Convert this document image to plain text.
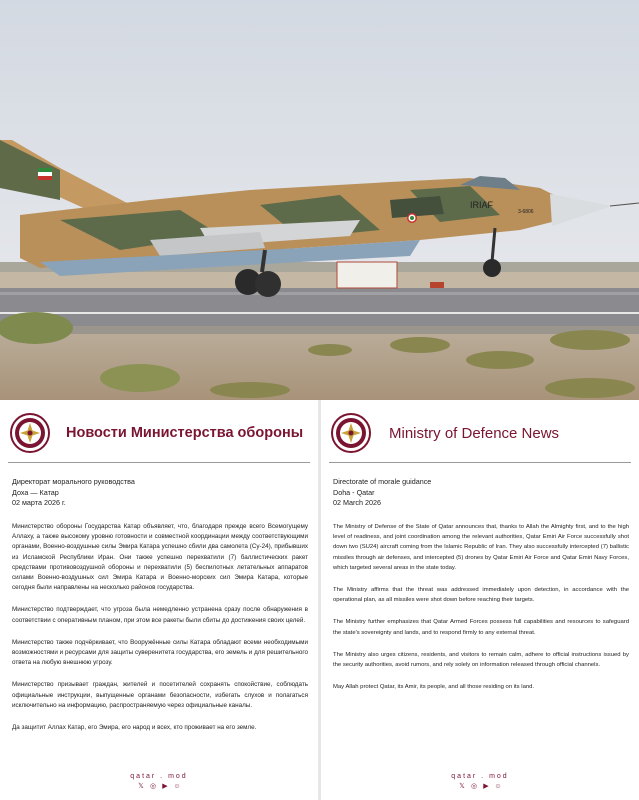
IRIAF
3-6806
Новости Министерства обороны
Директорат морального руководства
Доха — Катар
02 марта 2026 г.

Министерство обороны Государства Катар объявляет, что, благодаря прежде всего Всемогущему Аллаху, а также высокому уровню готовности и совместной координации между соответствующими органами, Военно-воздушные силы Эмира Катара успешно сбили два самолета (Су-24), прибывших из Исламской Республики Иран. Они также успешно перехватили (7) баллистических ракет средствами противовоздушной обороны и перехватили (5) беспилотных летательных аппаратов силами Военно-воздушных сил Эмира Катара и Военно-морских сил Эмира Катара, которые сегодня были направлены на несколько районов государства.

Министерство подтверждает, что угроза была немедленно устранена сразу после обнаружения в соответствии с оперативным планом, при этом все ракеты были сбиты до достижения своих целей.

Министерство также подчёркивает, что Вооружённые силы Катара обладают всеми необходимыми возможностями и ресурсами для защиты суверенитета государства, его земель и для решительного ответа на любую внешнюю угрозу.

Министерство призывает граждан, жителей и посетителей сохранять спокойствие, соблюдать официальные инструкции, выпущенные органами безопасности, избегать слухов и полагаться исключительно на информацию, распространяемую через официальные каналы.

Да защитит Аллах Катар, его Эмира, его народ и всех, кто проживает на его земле.

qatar . mod
𝕏 ◎ ▶ ☺
Ministry of Defence News
Directorate of morale guidance
Doha - Qatar
02 March 2026

The Ministry of Defense of the State of Qatar announces that, thanks to Allah the Almighty first, and to the high level of readiness, and joint coordination among the relevant authorities, Qatar Emiri Air Force successfully shot down two (SU24) aircraft coming from the Islamic Republic of Iran. They also successfully intercepted (7) ballistic missiles through air defenses, and intercepted (5) drones by Qatar Emiri Air Force and Qatar Emiri Navy Forces, which targeted several areas in the state today.

The Ministry affirms that the threat was addressed immediately upon detection, in accordance with the operational plan, as all missiles were shot down before reaching their targets.

The Ministry further emphasizes that Qatar Armed Forces possess full capabilities and resources to safeguard the state's sovereignty and lands, and to respond firmly to any external threat.

The Ministry also urges citizens, residents, and visitors to remain calm, adhere to official instructions issued by the security authorities, avoid rumors, and rely solely on information released through official channels.

May Allah protect Qatar, its Amir, its people, and all those residing on its land.

qatar . mod
𝕏 ◎ ▶ ☺
